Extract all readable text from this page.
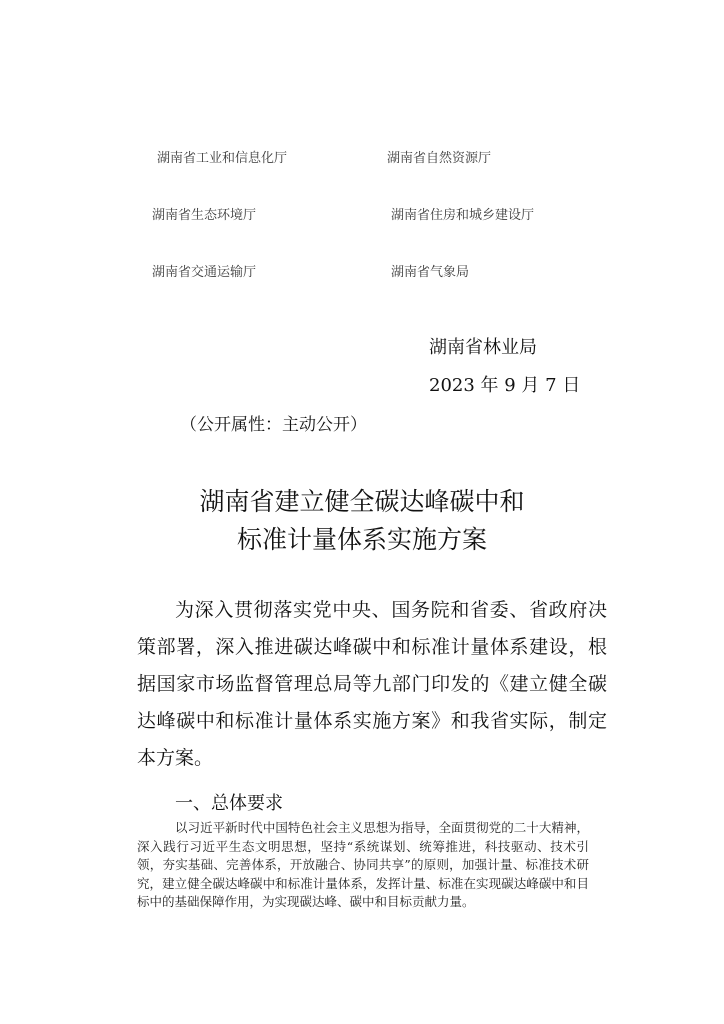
湖南省工业和信息化厅
湖南省生态环境厅
湖南省交通运输厅
湖南省自然资源厅
湖南省住房和城乡建设厅
湖南省气象局
湖南省林业局
2023 年 9 月 7 日
（公开属性：主动公开）
湖南省建立健全碳达峰碳中和
标准计量体系实施方案
为深入贯彻落实党中央、国务院和省委、省政府决策部署，深入推进碳达峰碳中和标准计量体系建设，根据国家市场监督管理总局等九部门印发的《建立健全碳达峰碳中和标准计量体系实施方案》和我省实际，制定本方案。
一、总体要求
以习近平新时代中国特色社会主义思想为指导，全面贯彻党的二十大精神，深入践行习近平生态文明思想，坚持“系统谋划、统筹推进，科技驱动、技术引领，夯实基础、完善体系，开放融合、协同共享”的原则，加强计量、标准技术研究，建立健全碳达峰碳中和标准计量体系，发挥计量、标准在实现碳达峰碳中和目标中的基础保障作用，为实现碳达峰、碳中和目标贡献力量。
